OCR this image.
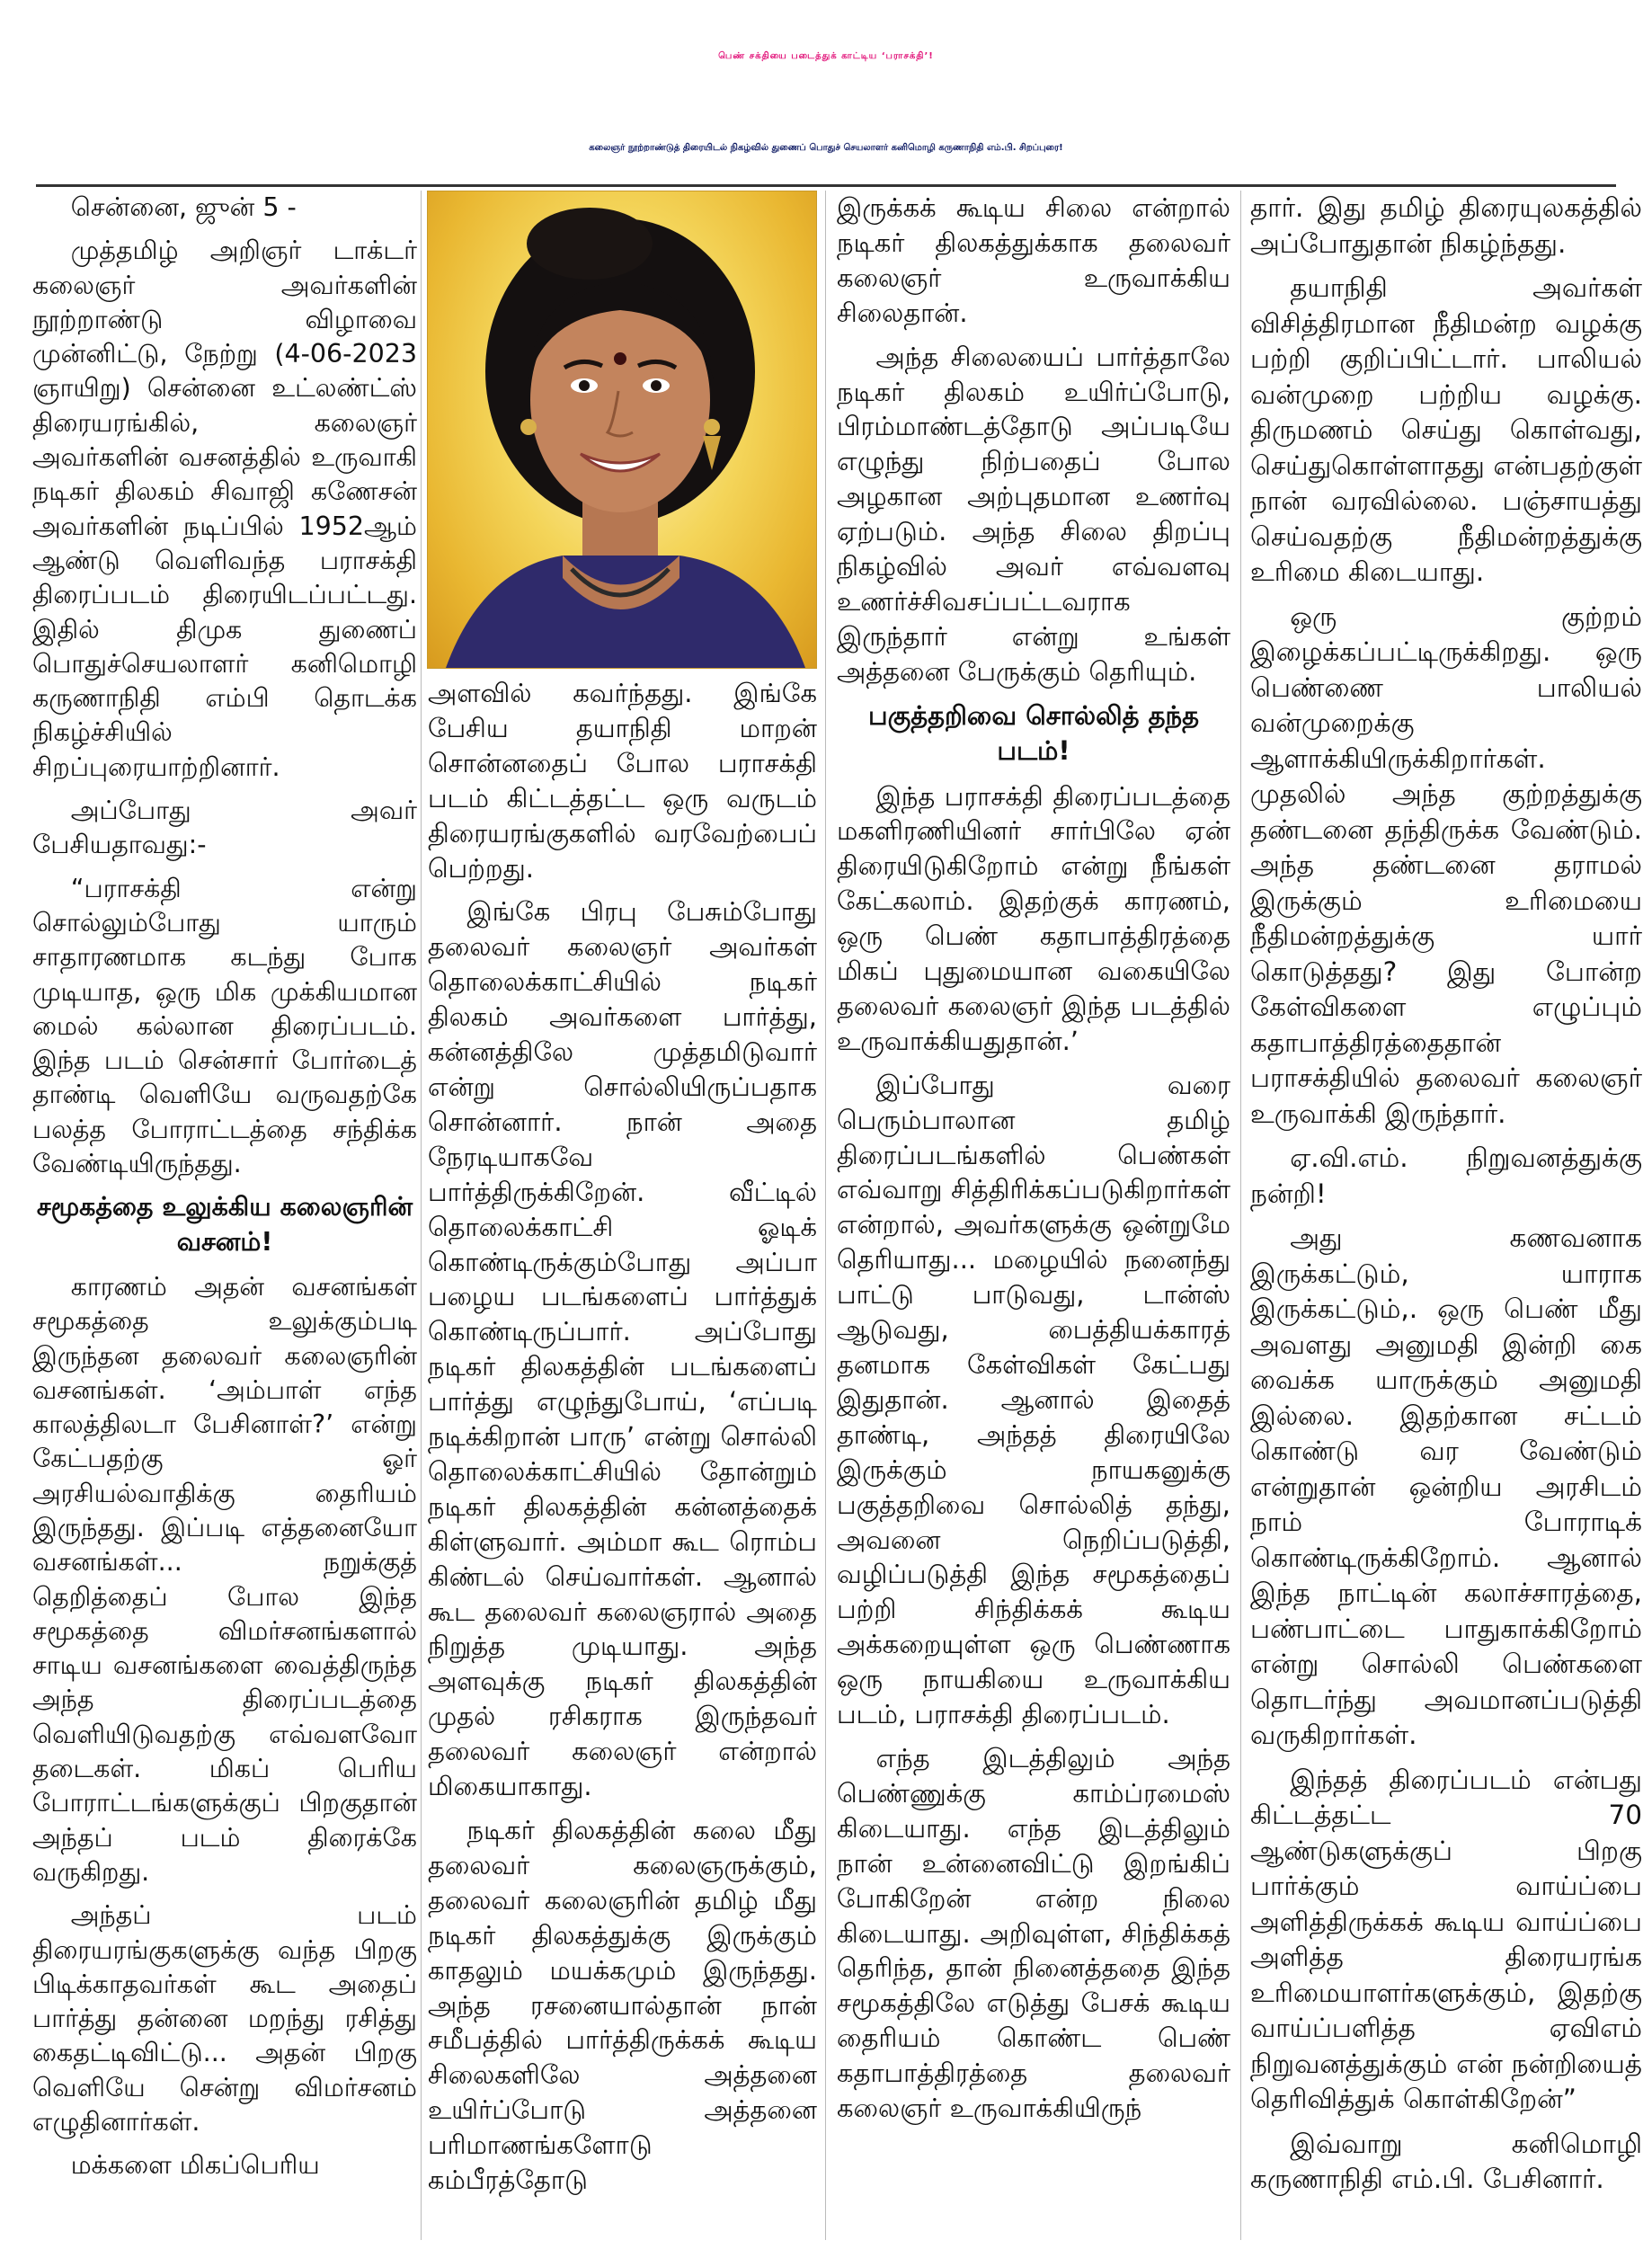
பெண் சக்தியை படைத்துக் காட்டிய ‘பராசக்தி’!
கலைஞர் நூற்றாண்டுத் திரையிடல் நிகழ்வில் துணைப் பொதுச் செயலாளர் கனிமொழி கருணாநிதி எம்.பி. சிறப்புரை!

சென்னை, ஜுன் 5 -

முத்தமிழ் அறிஞர் டாக்டர் கலைஞர் அவர்களின் நூற்றாண்டு விழாவை முன்னிட்டு, நேற்று (4-06-2023 ஞாயிறு) சென்னை உட்லண்ட்ஸ் திரையரங்கில், கலைஞர் அவர்களின் வசனத்தில் உருவாகி நடிகர் திலகம் சிவாஜி கணேசன் அவர்களின் நடிப்பில் 1952ஆம் ஆண்டு வெளிவந்த பராசக்தி திரைப்படம் திரையிடப்பட்டது. இதில் திமுக துணைப் பொதுச்செயலாளர் கனிமொழி கருணாநிதி எம்பி தொடக்க நிகழ்ச்சியில் சிறப்புரையாற்றினார்.

அப்போது அவர் பேசியதாவது:-

“பராசக்தி என்று சொல்லும்போது யாரும் சாதாரணமாக கடந்து போக முடியாத, ஒரு மிக முக்கியமான மைல் கல்லான திரைப்படம். இந்த படம் சென்சார் போர்டைத் தாண்டி வெளியே வருவதற்கே பலத்த போராட்டத்தை சந்திக்க வேண்டியிருந்தது.

சமூகத்தை உலுக்கிய கலைஞரின் வசனம்!

காரணம் அதன் வசனங்கள் சமூகத்தை உலுக்கும்படி இருந்தன தலைவர் கலைஞரின் வசனங்கள். ‘அம்பாள் எந்த காலத்திலடா பேசினாள்?’ என்று கேட்பதற்கு ஓர் அரசியல்வாதிக்கு தைரியம் இருந்தது. இப்படி எத்தனையோ வசனங்கள்... நறுக்குத் தெறித்தைப் போல இந்த சமூகத்தை விமர்சனங்களால் சாடிய வசனங்களை வைத்திருந்த அந்த திரைப்படத்தை வெளியிடுவதற்கு எவ்வளவோ தடைகள். மிகப் பெரிய போராட்டங்களுக்குப் பிறகுதான் அந்தப் படம் திரைக்கே வருகிறது.

அந்தப் படம் திரையரங்குகளுக்கு வந்த பிறகு பிடிக்காதவர்கள் கூட அதைப் பார்த்து தன்னை மறந்து ரசித்து கைதட்டிவிட்டு... அதன் பிறகு வெளியே சென்று விமர்சனம் எழுதினார்கள்.

மக்களை மிகப்பெரிய

அளவில் கவர்ந்தது. இங்கே பேசிய தயாநிதி மாறன் சொன்னதைப் போல பராசக்தி படம் கிட்டத்தட்ட ஒரு வருடம் திரையரங்குகளில் வரவேற்பைப் பெற்றது.

இங்கே பிரபு பேசும்போது தலைவர் கலைஞர் அவர்கள் தொலைக்காட்சியில் நடிகர் திலகம் அவர்களை பார்த்து, கன்னத்திலே முத்தமிடுவார் என்று சொல்லியிருப்பதாக சொன்னார். நான் அதை நேரடியாகவே பார்த்திருக்கிறேன். வீட்டில் தொலைக்காட்சி ஓடிக் கொண்டிருக்கும்போது அப்பா பழைய படங்களைப் பார்த்துக் கொண்டிருப்பார். அப்போது நடிகர் திலகத்தின் படங்களைப் பார்த்து எழுந்துபோய், ‘எப்படி நடிக்கிறான் பாரு’ என்று சொல்லி தொலைக்காட்சியில் தோன்றும் நடிகர் திலகத்தின் கன்னத்தைக் கிள்ளுவார். அம்மா கூட ரொம்ப கிண்டல் செய்வார்கள். ஆனால் கூட தலைவர் கலைஞரால் அதை நிறுத்த முடியாது. அந்த அளவுக்கு நடிகர் திலகத்தின் முதல் ரசிகராக இருந்தவர் தலைவர் கலைஞர் என்றால் மிகையாகாது.

நடிகர் திலகத்தின் கலை மீது தலைவர் கலைஞருக்கும், தலைவர் கலைஞரின் தமிழ் மீது நடிகர் திலகத்துக்கு இருக்கும் காதலும் மயக்கமும் இருந்தது. அந்த ரசனையால்தான் நான் சமீபத்தில் பார்த்திருக்கக் கூடிய சிலைகளிலே அத்தனை உயிர்ப்போடு அத்தனை பரிமாணங்களோடு கம்பீரத்தோடு

இருக்கக் கூடிய சிலை என்றால் நடிகர் திலகத்துக்காக தலைவர் கலைஞர் உருவாக்கிய சிலைதான்.

அந்த சிலையைப் பார்த்தாலே நடிகர் திலகம் உயிர்ப்போடு, பிரம்மாண்டத்தோடு அப்படியே எழுந்து நிற்பதைப் போல அழகான அற்புதமான உணர்வு ஏற்படும். அந்த சிலை திறப்பு நிகழ்வில் அவர் எவ்வளவு உணர்ச்சிவசப்பட்டவராக இருந்தார் என்று உங்கள் அத்தனை பேருக்கும் தெரியும்.

பகுத்தறிவை சொல்லித் தந்த படம்!

இந்த பராசக்தி திரைப்படத்தை மகளிரணியினர் சார்பிலே ஏன் திரையிடுகிறோம் என்று நீங்கள் கேட்கலாம். இதற்குக் காரணம், ஒரு பெண் கதாபாத்திரத்தை மிகப் புதுமையான வகையிலே தலைவர் கலைஞர் இந்த படத்தில் உருவாக்கியதுதான்.’

இப்போது வரை பெரும்பாலான தமிழ் திரைப்படங்களில் பெண்கள் எவ்வாறு சித்திரிக்கப்படுகிறார்கள் என்றால், அவர்களுக்கு ஒன்றுமே தெரியாது... மழையில் நனைந்து பாட்டு பாடுவது, டான்ஸ் ஆடுவது, பைத்தியக்காரத் தனமாக கேள்விகள் கேட்பது இதுதான். ஆனால் இதைத் தாண்டி, அந்தத் திரையிலே இருக்கும் நாயகனுக்கு பகுத்தறிவை சொல்லித் தந்து, அவனை நெறிப்படுத்தி, வழிப்படுத்தி இந்த சமூகத்தைப் பற்றி சிந்திக்கக் கூடிய அக்கறையுள்ள ஒரு பெண்ணாக ஒரு நாயகியை உருவாக்கிய படம், பராசக்தி திரைப்படம்.

எந்த இடத்திலும் அந்த பெண்ணுக்கு காம்ப்ரமைஸ் கிடையாது. எந்த இடத்திலும் நான் உன்னைவிட்டு இறங்கிப் போகிறேன் என்ற நிலை கிடையாது. அறிவுள்ள, சிந்திக்கத் தெரிந்த, தான் நினைத்ததை இந்த சமூகத்திலே எடுத்து பேசக் கூடிய தைரியம் கொண்ட பெண் கதாபாத்திரத்தை தலைவர் கலைஞர் உருவாக்கியிருந்

தார். இது தமிழ் திரையுலகத்தில் அப்போதுதான் நிகழ்ந்தது.

தயாநிதி அவர்கள் விசித்திரமான நீதிமன்ற வழக்கு பற்றி குறிப்பிட்டார். பாலியல் வன்முறை பற்றிய வழக்கு. திருமணம் செய்து கொள்வது, செய்துகொள்ளாதது என்பதற்குள் நான் வரவில்லை. பஞ்சாயத்து செய்வதற்கு நீதிமன்றத்துக்கு உரிமை கிடையாது.

ஒரு குற்றம் இழைக்கப்பட்டிருக்கிறது. ஒரு பெண்ணை பாலியல் வன்முறைக்கு ஆளாக்கியிருக்கிறார்கள். முதலில் அந்த குற்றத்துக்கு தண்டனை தந்திருக்க வேண்டும். அந்த தண்டனை தராமல் இருக்கும் உரிமையை நீதிமன்றத்துக்கு யார் கொடுத்தது? இது போன்ற கேள்விகளை எழுப்பும் கதாபாத்திரத்தைதான் பராசக்தியில் தலைவர் கலைஞர் உருவாக்கி இருந்தார்.

ஏ.வி.எம். நிறுவனத்துக்கு நன்றி!

அது கணவனாக இருக்கட்டும், யாராக இருக்கட்டும்,. ஒரு பெண் மீது அவளது அனுமதி இன்றி கை வைக்க யாருக்கும் அனுமதி இல்லை. இதற்கான சட்டம் கொண்டு வர வேண்டும் என்றுதான் ஒன்றிய அரசிடம் நாம் போராடிக் கொண்டிருக்கிறோம். ஆனால் இந்த நாட்டின் கலாச்சாரத்தை, பண்பாட்டை பாதுகாக்கிறோம் என்று சொல்லி பெண்களை தொடர்ந்து அவமானப்படுத்தி வருகிறார்கள்.

இந்தத் திரைப்படம் என்பது கிட்டத்தட்ட 70 ஆண்டுகளுக்குப் பிறகு பார்க்கும் வாய்ப்பை அளித்திருக்கக் கூடிய வாய்ப்பை அளித்த திரையரங்க உரிமையாளர்களுக்கும், இதற்கு வாய்ப்பளித்த ஏவிஎம் நிறுவனத்துக்கும் என் நன்றியைத் தெரிவித்துக் கொள்கிறேன்”

இவ்வாறு கனிமொழி கருணாநிதி எம்.பி. பேசினார்.
